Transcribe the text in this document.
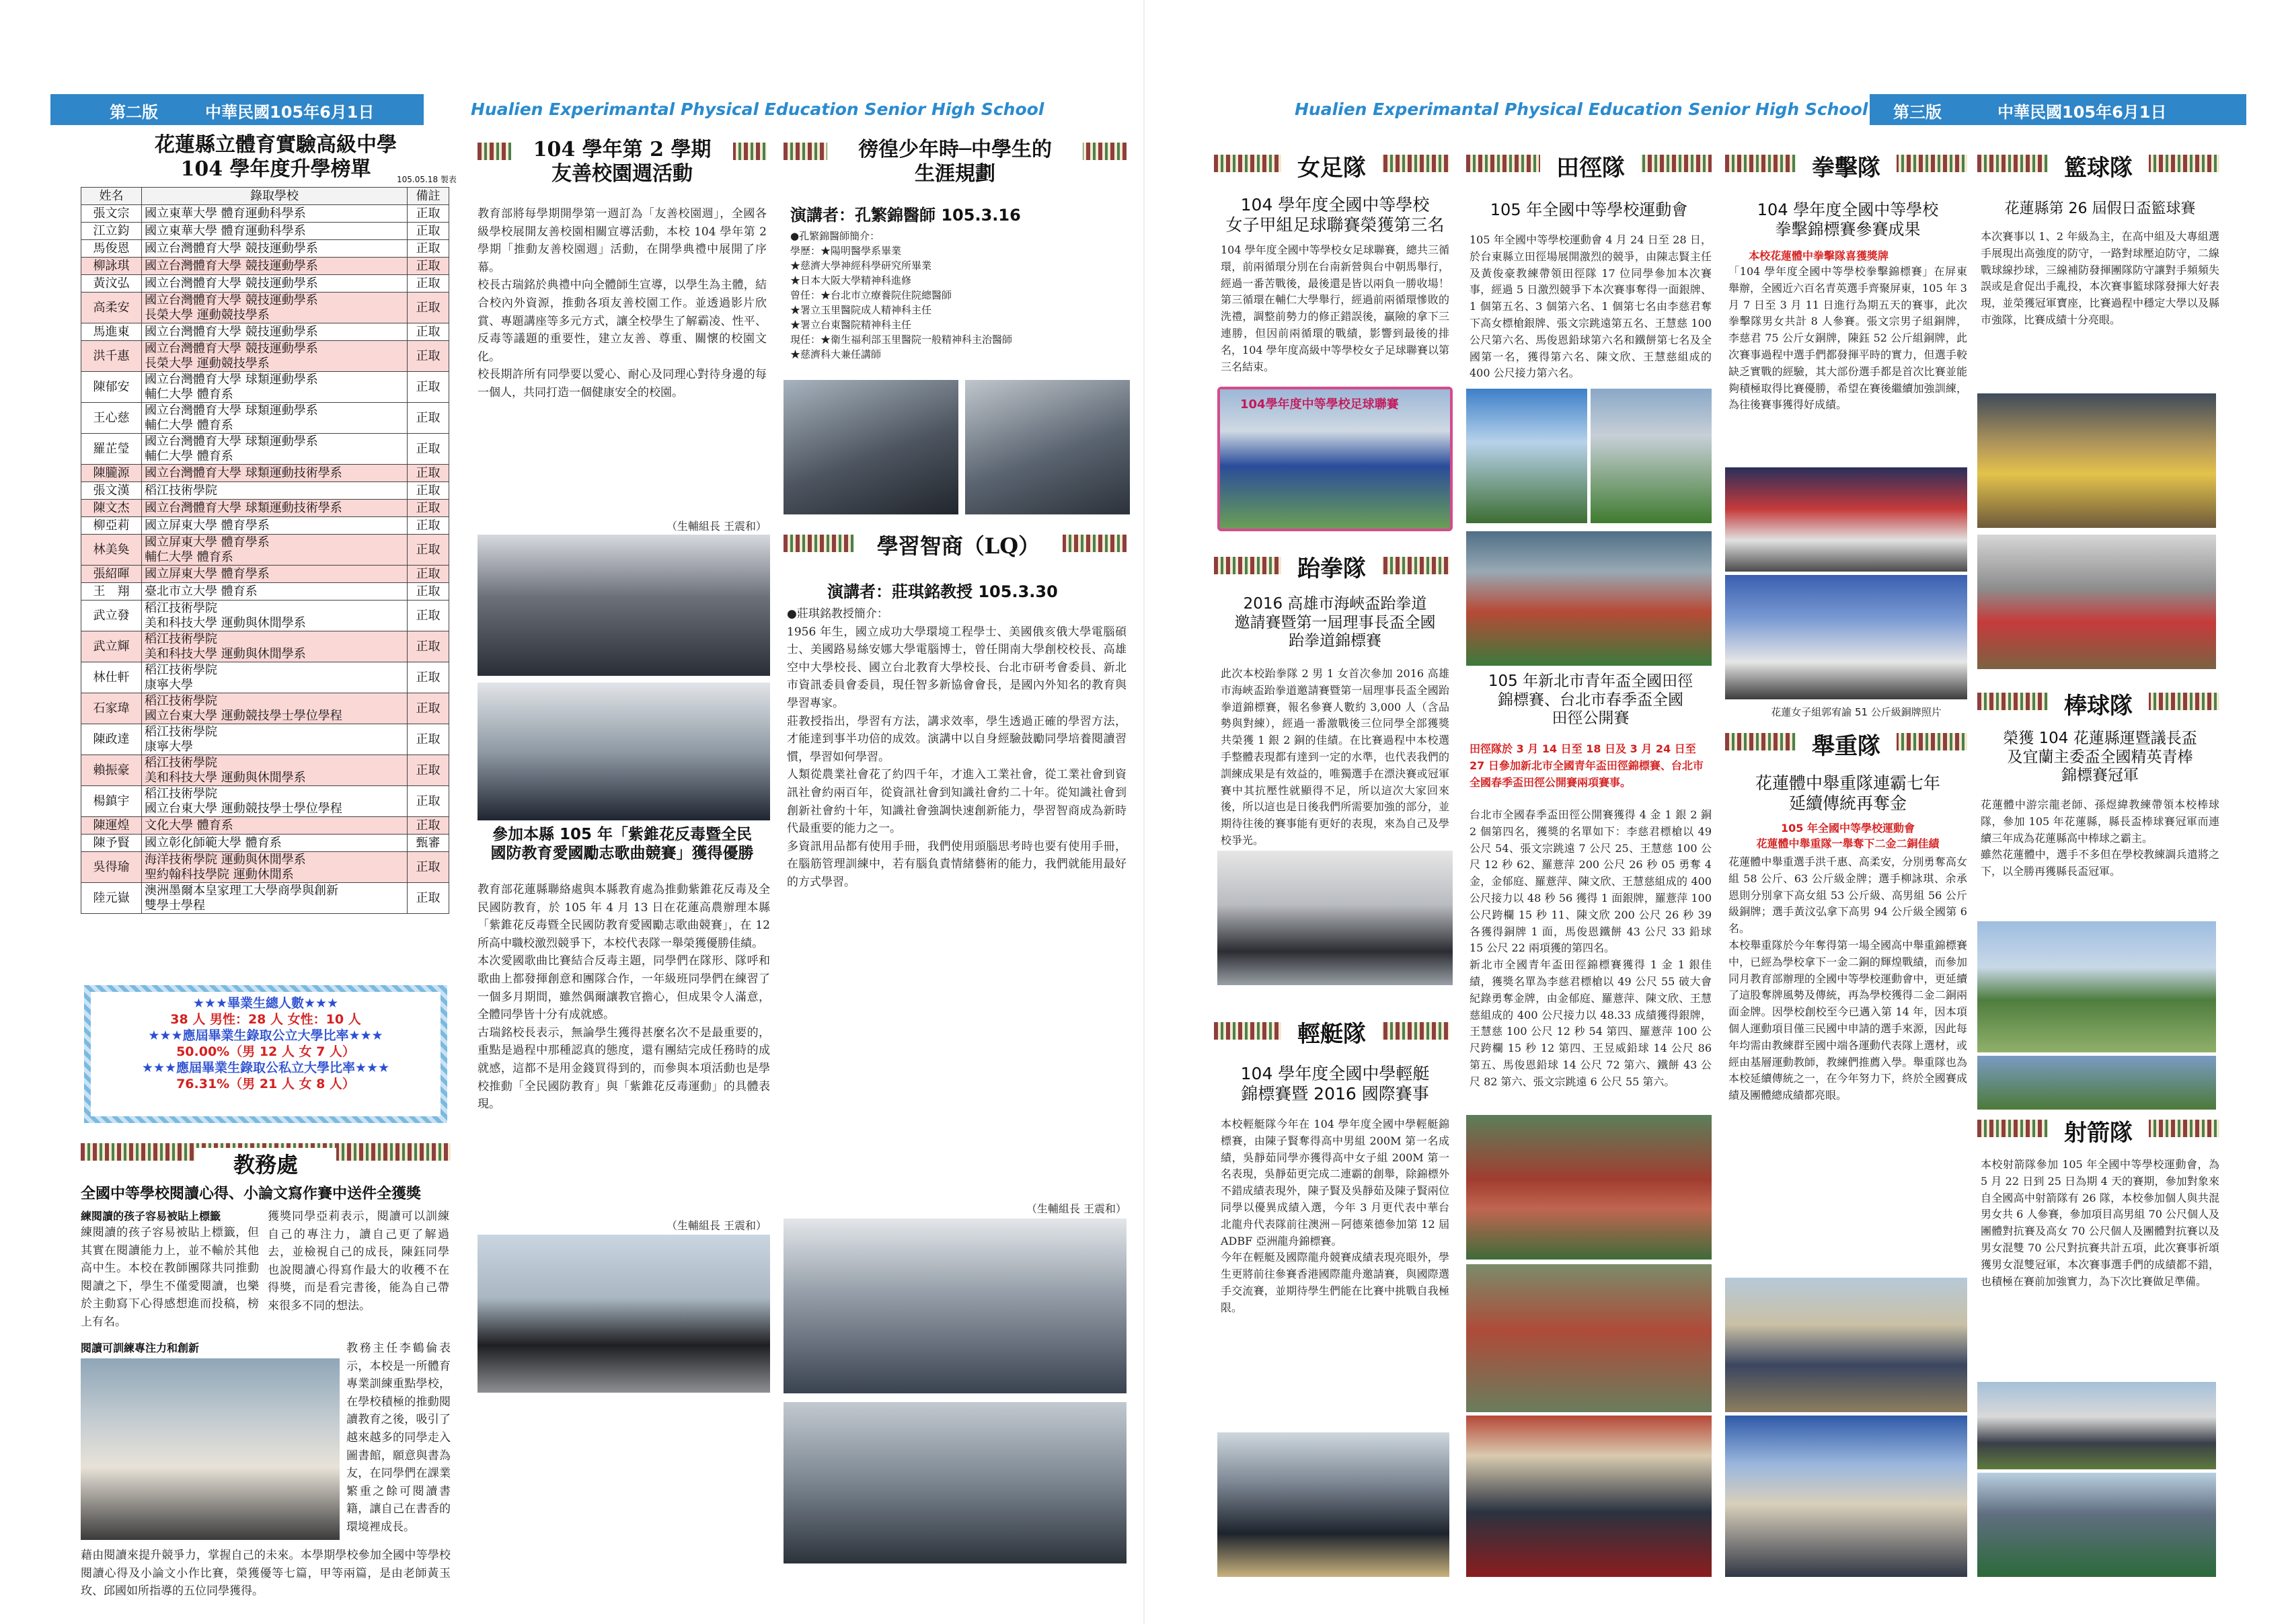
第二版	中華民國105年6月1日	Hualien Experimantal Physical Education Senior High School	Hualien Experimantal Physical Education Senior High School 第三版	中華民國105年6月1日
花蓮縣立體育實驗高級中學
104 學年度升學榜單	105.05.18 製表
姓名	錄取學校	備註
張文宗	國立東華大學 體育運動科學系	正取
江立鈞	國立東華大學 體育運動科學系	正取
馬俊恩	國立台灣體育大學 競技運動學系	正取
柳詠琪	國立台灣體育大學 競技運動學系	正取
黃汶弘	國立台灣體育大學 競技運動學系	正取
高柔安	國立台灣體育大學 競技運動學系
長榮大學 運動競技學系	正取
馬進東	國立台灣體育大學 競技運動學系	正取
洪千惠	國立台灣體育大學 競技運動學系
長榮大學 運動競技學系	正取
陳郁安	國立台灣體育大學 球類運動學系
輔仁大學 體育系	正取
王心慈	國立台灣體育大學 球類運動學系
輔仁大學 體育系	正取
羅芷瑩	國立台灣體育大學 球類運動學系
輔仁大學 體育系	正取
陳朧源	國立台灣體育大學 球類運動技術學系	正取
張文漢	稻江技術學院	正取
陳文杰	國立台灣體育大學 球類運動技術學系	正取
柳亞莉	國立屏東大學 體育學系	正取
林美奐	國立屏東大學 體育學系
輔仁大學 體育系	正取
張紹暉	國立屏東大學 體育學系	正取
王　翔	臺北市立大學 體育系	正取
武立發	稻江技術學院
美和科技大學 運動與休閒學系	正取
武立輝	稻江技術學院
美和科技大學 運動與休閒學系	正取
林仕軒	稻江技術學院
康寧大學	正取
石家瑋	稻江技術學院
國立台東大學 運動競技學士學位學程	正取
陳政達	稻江技術學院
康寧大學	正取
賴振豪	稻江技術學院
美和科技大學 運動與休閒學系	正取
楊鎮宇	稻江技術學院
國立台東大學 運動競技學士學位學程	正取
陳運煌	文化大學 體育系	正取
陳予賢	國立彰化師範大學 體育系	甄審
吳得瑜	海洋技術學院 運動與休閒學系
聖約翰科技學院 運動休閒系	正取
陸元嶽	澳洲墨爾本皇家理工大學商學與創新
雙學士學程	正取
★★★畢業生總人數★★★
38 人 男性：28 人 女性：10 人
★★★應屆畢業生錄取公立大學比率★★★
50.00%（男 12 人 女 7 人）
★★★應屆畢業生錄取公私立大學比率★★★
76.31%（男 21 人 女 8 人）
教務處
全國中等學校閱讀心得、小論文寫作賽中送件全獲獎
練閱讀的孩子容易被貼上標籤
練閱讀的孩子容易被貼上標籤，但其實在閱讀能力上，並不輸於其他高中生。本校在教師團隊共同推動閱讀之下，學生不僅愛閱讀，也樂於主動寫下心得感想進而投稿，榜上有名。
獲獎同學亞莉表示，閱讀可以訓練自己的專注力，讀自己更了解過去，並檢視自己的成長，陳鈺同學也說閱讀心得寫作最大的收穫不在得獎，而是看完書後，能為自己帶來很多不同的想法。
閱讀可訓練專注力和創新	教務主任李鶴倫表示，本校是一所體育專業訓練重點學校，在學校積極的推動閱讀教育之後，吸引了越來越多的同學走入圖書館，願意與書為友，在同學們在課業繁重之餘可閱讀書籍，讓自己在書香的環境裡成長。
藉由閱讀來提升競爭力，掌握自己的未來。本學期學校參加全國中等學校閱讀心得及小論文小作比賽，榮獲優等七篇，甲等兩篇，是由老師黃玉玫、邱國如所指導的五位同學獲得。
104 學年第 2 學期
友善校園週活動
教育部將每學期開學第一週訂為「友善校園週」，全國各級學校展開友善校園相關宣導活動，本校 104 學年第 2 學期「推動友善校園週」活動，在開學典禮中展開了序幕。
校長古瑞銘於典禮中向全體師生宣導，以學生為主體，結合校內外資源，推動各項友善校園工作。並透過影片欣賞、專題講座等多元方式，讓全校學生了解霸凌、性平、反毒等議題的重要性，建立友善、尊重、關懷的校園文化。
校長期許所有同學要以愛心、耐心及同理心對待身邊的每一個人，共同打造一個健康安全的校園。
（生輔組長 王震和）
參加本縣 105 年「紫錐花反毒暨全民
國防教育愛國勵志歌曲競賽」獲得優勝
教育部花蓮縣聯絡處與本縣教育處為推動紫錐花反毒及全民國防教育，於 105 年 4 月 13 日在花蓮高農辦理本縣「紫錐花反毒暨全民國防教育愛國勵志歌曲競賽」，在 12 所高中職校激烈競爭下，本校代表隊一舉榮獲優勝佳績。
本次愛國歌曲比賽結合反毒主題，同學們在隊形、隊呼和歌曲上都發揮創意和團隊合作，一年級班同學們在練習了一個多月期間，雖然偶爾讓教官擔心，但成果令人滿意，全體同學皆十分有成就感。
古瑞銘校長表示，無論學生獲得甚麼名次不是最重要的，重點是過程中那種認真的態度，還有團結完成任務時的成就感，這都不是用金錢買得到的，而參與本項活動也是學校推動「全民國防教育」與「紫錐花反毒運動」的具體表現。
（生輔組長 王震和）
徬徨少年時─中學生的
生涯規劃
演講者：孔繁錦醫師 105.3.16
●孔繁錦醫師簡介：
學歷：★陽明醫學系畢業
★慈濟大學神經科學研究所畢業
★日本大阪大學精神科進修
曾任：★台北市立療養院住院總醫師
★署立玉里醫院成人精神科主任
★署立台東醫院精神科主任
現任：★衛生福利部玉里醫院一般精神科主治醫師
★慈濟科大兼任講師
學習智商（LQ）
演講者：莊琪銘教授 105.3.30
●莊琪銘教授簡介：
1956 年生，國立成功大學環境工程學士、美國俄亥俄大學電腦碩士、美國路易絲安娜大學電腦博士，曾任開南大學創校校長、高雄空中大學校長、國立台北教育大學校長、台北市研考會委員、新北市資訊委員會委員，現任智多新協會會長，是國內外知名的教育與學習專家。
莊教授指出，學習有方法，講求效率，學生透過正確的學習方法，才能達到事半功倍的成效。演講中以自身經驗鼓勵同學培養閱讀習慣，學習如何學習。
人類從農業社會花了約四千年，才進入工業社會，從工業社會到資訊社會約兩百年，從資訊社會到知識社會約二十年。從知識社會到創新社會約十年，知識社會強調快速創新能力，學習智商成為新時代最重要的能力之一。
多資訊用品都有使用手冊，我們使用頭腦思考時也要有使用手冊，在腦筋管理訓練中，若有腦負責情緒藝術的能力，我們就能用最好的方式學習。
（生輔組長 王震和）
女足隊
104 學年度全國中等學校
女子甲組足球聯賽榮獲第三名
104 學年度全國中等學校女足球聯賽，總共三循環，前兩循環分別在台南新營與台中朝馬舉行，經過一番苦戰後，最後還是皆以兩負一勝收場！第三循環在輔仁大學舉行，經過前兩循環慘敗的洗禮，調整前勢力的修正錯誤後，贏險的拿下三連勝，但因前兩循環的戰績，影響到最後的排名，104 學年度高級中等學校女子足球聯賽以第三名結束。
104學年度中等學校足球聯賽
跆拳隊
2016 高雄市海峽盃跆拳道
邀請賽暨第一屆理事長盃全國
跆拳道錦標賽
此次本校跆拳隊 2 男 1 女首次參加 2016 高雄市海峽盃跆拳道邀請賽暨第一屆理事長盃全國跆拳道錦標賽，報名參賽人數約 3,000 人（含品勢與對練），經過一番激戰後三位同學全部獲獎共榮獲 1 銀 2 銅的佳績。在比賽過程中本校選手整體表現都有達到一定的水準，也代表我們的訓練成果是有效益的，唯獨選手在漂決賽或冠軍賽中其抗壓性就顯得不足，所以這次大家回來後，所以這也是日後我們所需要加強的部分，並期待往後的賽事能有更好的表現，來為自己及學校爭光。
輕艇隊
104 學年度全國中學輕艇
錦標賽暨 2016 國際賽事
本校輕艇隊今年在 104 學年度全國中學輕艇錦標賽，由陳子賢奪得高中男組 200M 第一名成績，吳靜茹同學亦獲得高中女子組 200M 第一名表現，吳靜茹更完成二連霸的創舉，除錦標外不錯成績表現外，陳子賢及吳靜茹及陳子賢兩位同學以優異成績入選，今年 3 月更代表中華台北龍舟代表隊前往澳洲－阿德萊德參加第 12 屆 ADBF 亞洲龍舟錦標賽。
今年在輕艇及國際龍舟競賽成績表現亮眼外，學生更將前往參賽香港國際龍舟邀請賽，與國際選手交流賽，並期待學生們能在比賽中挑戰自我極限。
田徑隊
105 年全國中等學校運動會
105 年全國中等學校運動會 4 月 24 日至 28 日，於台東縣立田徑場展開激烈的競爭，由陳志賢主任及黃俊豪教練帶領田徑隊 17 位同學參加本次賽事，經過 5 日激烈競爭下本次賽事奪得一面銀牌、1 個第五名、3 個第六名、1 個第七名由李慈君奪下高女標槍銀牌、張文宗跳遠第五名、王慧慈 100 公尺第六名、馬俊恩鉛球第六名和鐵餅第七名及全國第一名，獲得第六名、陳文欣、王慧慈組成的 400 公尺接力第六名。
105 年新北市青年盃全國田徑
錦標賽、台北市春季盃全國
田徑公開賽
田徑隊於 3 月 14 日至 18 日及 3 月 24 日至 27 日參加新北市全國青年盃田徑錦標賽、台北市全國春季盃田徑公開賽兩項賽事。
台北市全國春季盃田徑公開賽獲得 4 金 1 銀 2 銅 2 個第四名，獲獎的名單如下：李慈君標槍以 49 公尺 54、張文宗跳遠 7 公尺 25、王慧慈 100 公尺 12 秒 62、羅薏萍 200 公尺 26 秒 05 勇奪 4 金，金郁庭、羅薏萍、陳文欣、王慧慈組成的 400 公尺接力以 48 秒 56 獲得 1 面銀牌，羅薏萍 100 公尺跨欄 15 秒 11、陳文欣 200 公尺 26 秒 39 各獲得銅牌 1 面，馬俊恩鐵餅 43 公尺 33 鉛球 15 公尺 22 兩項獲的第四名。
新北市全國青年盃田徑錦標賽獲得 1 金 1 銀佳績，獲獎名單為李慈君標槍以 49 公尺 55 破大會紀錄勇奪金牌，由金郁庭、羅薏萍、陳文欣、王慧慈組成的 400 公尺接力以 48.33 成績獲得銀牌，王慧慈 100 公尺 12 秒 54 第四、羅薏萍 100 公尺跨欄 15 秒 12 第四、王昱威鉛球 14 公尺 86 第五、馬俊恩鉛球 14 公尺 72 第六、鐵餅 43 公尺 82 第六、張文宗跳遠 6 公尺 55 第六。
拳擊隊
104 學年度全國中等學校
拳擊錦標賽參賽成果
本校花蓮體中拳擊隊喜獲獎牌
「104 學年度全國中等學校拳擊錦標賽」在屏東舉辦，全國近六百名青英選手齊聚屏東，105 年 3 月 7 日至 3 月 11 日進行為期五天的賽事，此次拳擊隊男女共計 8 人參賽。張文宗男子組銅牌，李慈君 75 公斤女銅牌，陳鈺 52 公斤組銅牌，此次賽事過程中選手們都發揮平時的實力，但選手較缺乏實戰的經驗，其大部份選手都是首次比賽並能夠積極取得比賽優勝，希望在賽後繼續加強訓練，為往後賽事獲得好成績。
花蓮女子組郭宥諭 51 公斤級銅牌照片
舉重隊
花蓮體中舉重隊連霸七年
延續傳統再奪金
105 年全國中等學校運動會
花蓮體中舉重隊一舉奪下二金二銅佳績
花蓮體中舉重選手洪千惠、高柔安，分別勇奪高女組 58 公斤、63 公斤級金牌；選手柳詠琪、余承恩則分別拿下高女組 53 公斤級、高男組 56 公斤級銅牌；選手黃汶弘拿下高男 94 公斤級全國第 6 名。
本校舉重隊於今年奪得第一場全國高中舉重錦標賽中，已經為學校拿下一金二銅的輝煌戰績，而參加同月教育部辦理的全國中等學校運動會中，更延續了這股奪牌風勢及傳統，再為學校獲得二金二銅兩面金牌。因學校創校至今已邁入第 14 年，因本項個人運動項目僅三民國中申請的選手來源，因此每年均需由教練群至國中端各運動代表隊上選材，或經由基層運動教師，教練們推薦入學。舉重隊也為本校延續傳統之一，在今年努力下，終於全國賽成績及團體總成績都亮眼。
籃球隊
花蓮縣第 26 屆假日盃籃球賽
本次賽事以 1、2 年級為主，在高中組及大專組選手展現出高強度的防守，一路對球壓迫防守，二線戰球線抄球，三線補防發揮團隊防守讓對手頻頻失誤或是倉促出手亂投，本次賽事籃球隊發揮大好表現，並榮獲冠軍寶座，比賽過程中穩定大學以及縣市強隊，比賽成績十分亮眼。
棒球隊
榮獲 104 花蓮縣運暨議長盃
及宜蘭主委盃全國精英青棒
錦標賽冠軍
花蓮體中游宗龍老師、孫煜緯教練帶領本校棒球隊，參加 105 年花蓮縣，縣長盃棒球賽冠軍而連續三年成為花蓮縣高中棒球之霸主。
雖然花蓮體中，選手不多但在學校教練調兵遣將之下，以全勝再獲縣長盃冠軍。
射箭隊
本校射箭隊參加 105 年全國中等學校運動會，為 5 月 22 日到 25 日為期 4 天的賽期，參加對象來自全國高中射箭隊有 26 隊，本校參加個人與共混男女共 6 人參賽，參加項目高男組 70 公尺個人及團體對抗賽及高女 70 公尺個人及團體對抗賽以及男女混雙 70 公尺對抗賽共計五項，此次賽事祈頌獲男女混雙冠軍，本次賽事選手們的成績都不錯，也積極在賽前加強實力，為下次比賽做足準備。
